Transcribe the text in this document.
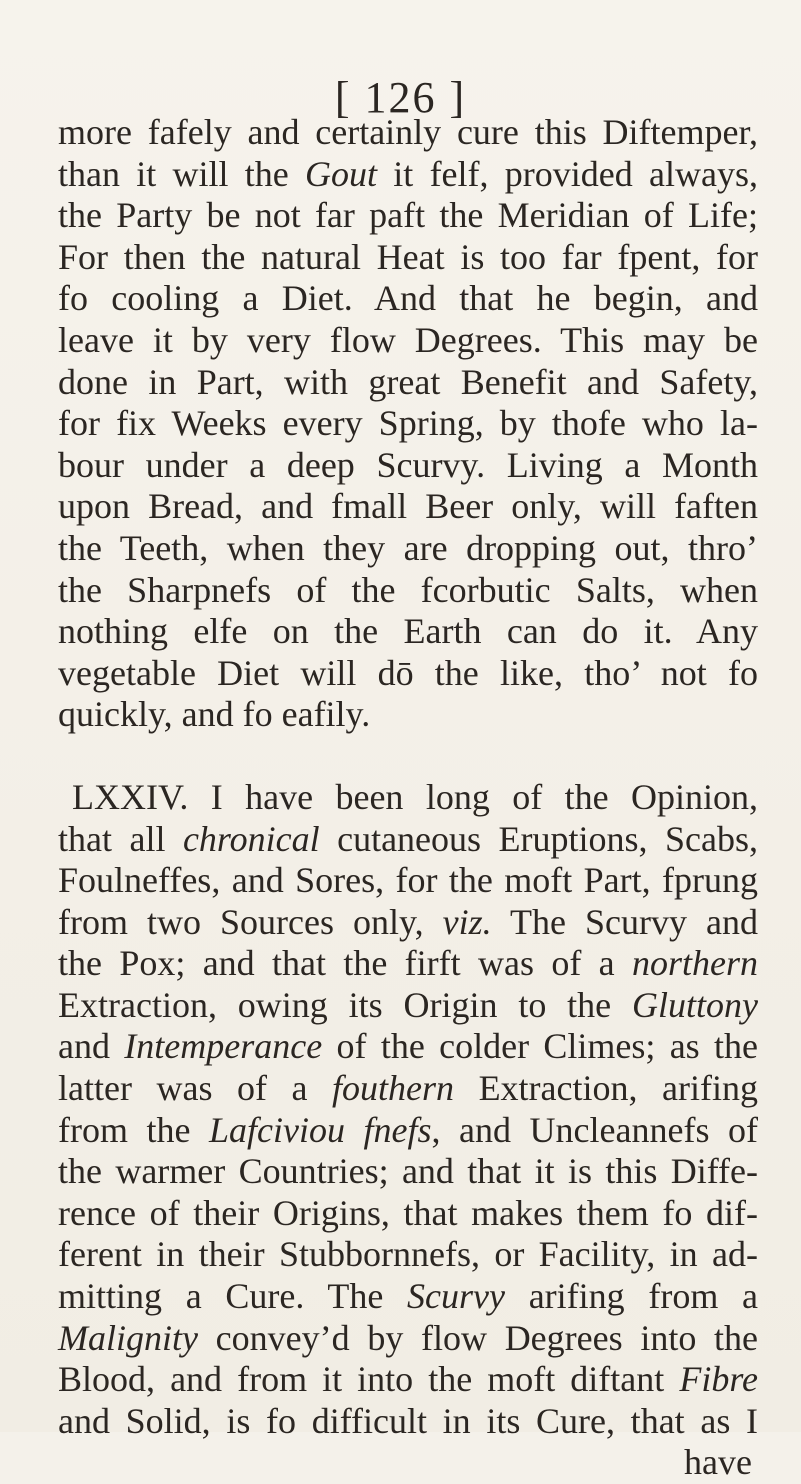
[ 126 ]
more fafely and certainly cure this Diftemper,
than it will the Gout it felf, provided always,
the Party be not far paft the Meridian of Life;
For then the natural Heat is too far fpent, for
fo cooling a Diet. And that he begin, and
leave it by very flow Degrees. This may be
done in Part, with great Benefit and Safety,
for fix Weeks every Spring, by thofe who la-
bour under a deep Scurvy. Living a Month
upon Bread, and fmall Beer only, will faften
the Teeth, when they are dropping out, thro’
the Sharpnefs of the fcorbutic Salts, when
nothing elfe on the Earth can do it. Any
vegetable Diet will dō the like, tho’ not fo
quickly, and fo eafily.
LXXIV. I have been long of the Opinion,
that all chronical cutaneous Eruptions, Scabs,
Foulneffes, and Sores, for the moft Part, fprung
from two Sources only, viz. The Scurvy and
the Pox; and that the firft was of a northern
Extraction, owing its Origin to the Gluttony
and Intemperance of the colder Climes; as the
latter was of a fouthern Extraction, arifing
from the Lafciviou fnefs, and Uncleannefs of
the warmer Countries; and that it is this Diffe-
rence of their Origins, that makes them fo dif-
ferent in their Stubbornnefs, or Facility, in ad-
mitting a Cure. The Scurvy arifing from a
Malignity convey’d by flow Degrees into the
Blood, and from it into the moft diftant Fibre
and Solid, is fo difficult in its Cure, that as I
have
